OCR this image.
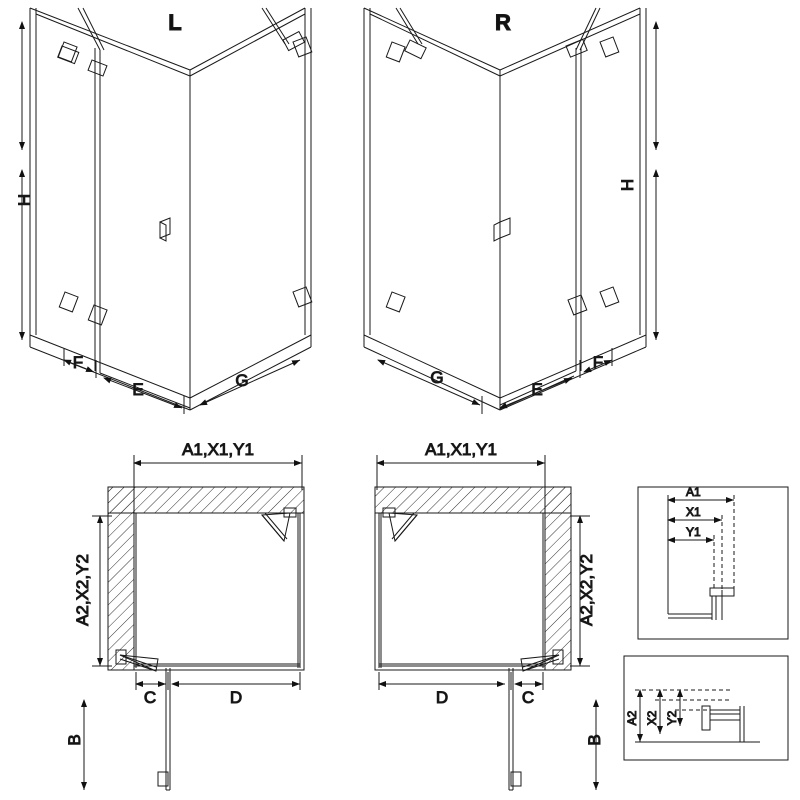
L
H
F
E	G
R
H
G
E
F
A1,X1,Y1
A2,X2,Y2
C	D
B
A1,X1,Y1
A2,X2,Y2
D	C
B
A1
X1
Y1
A2 X2 Y2
